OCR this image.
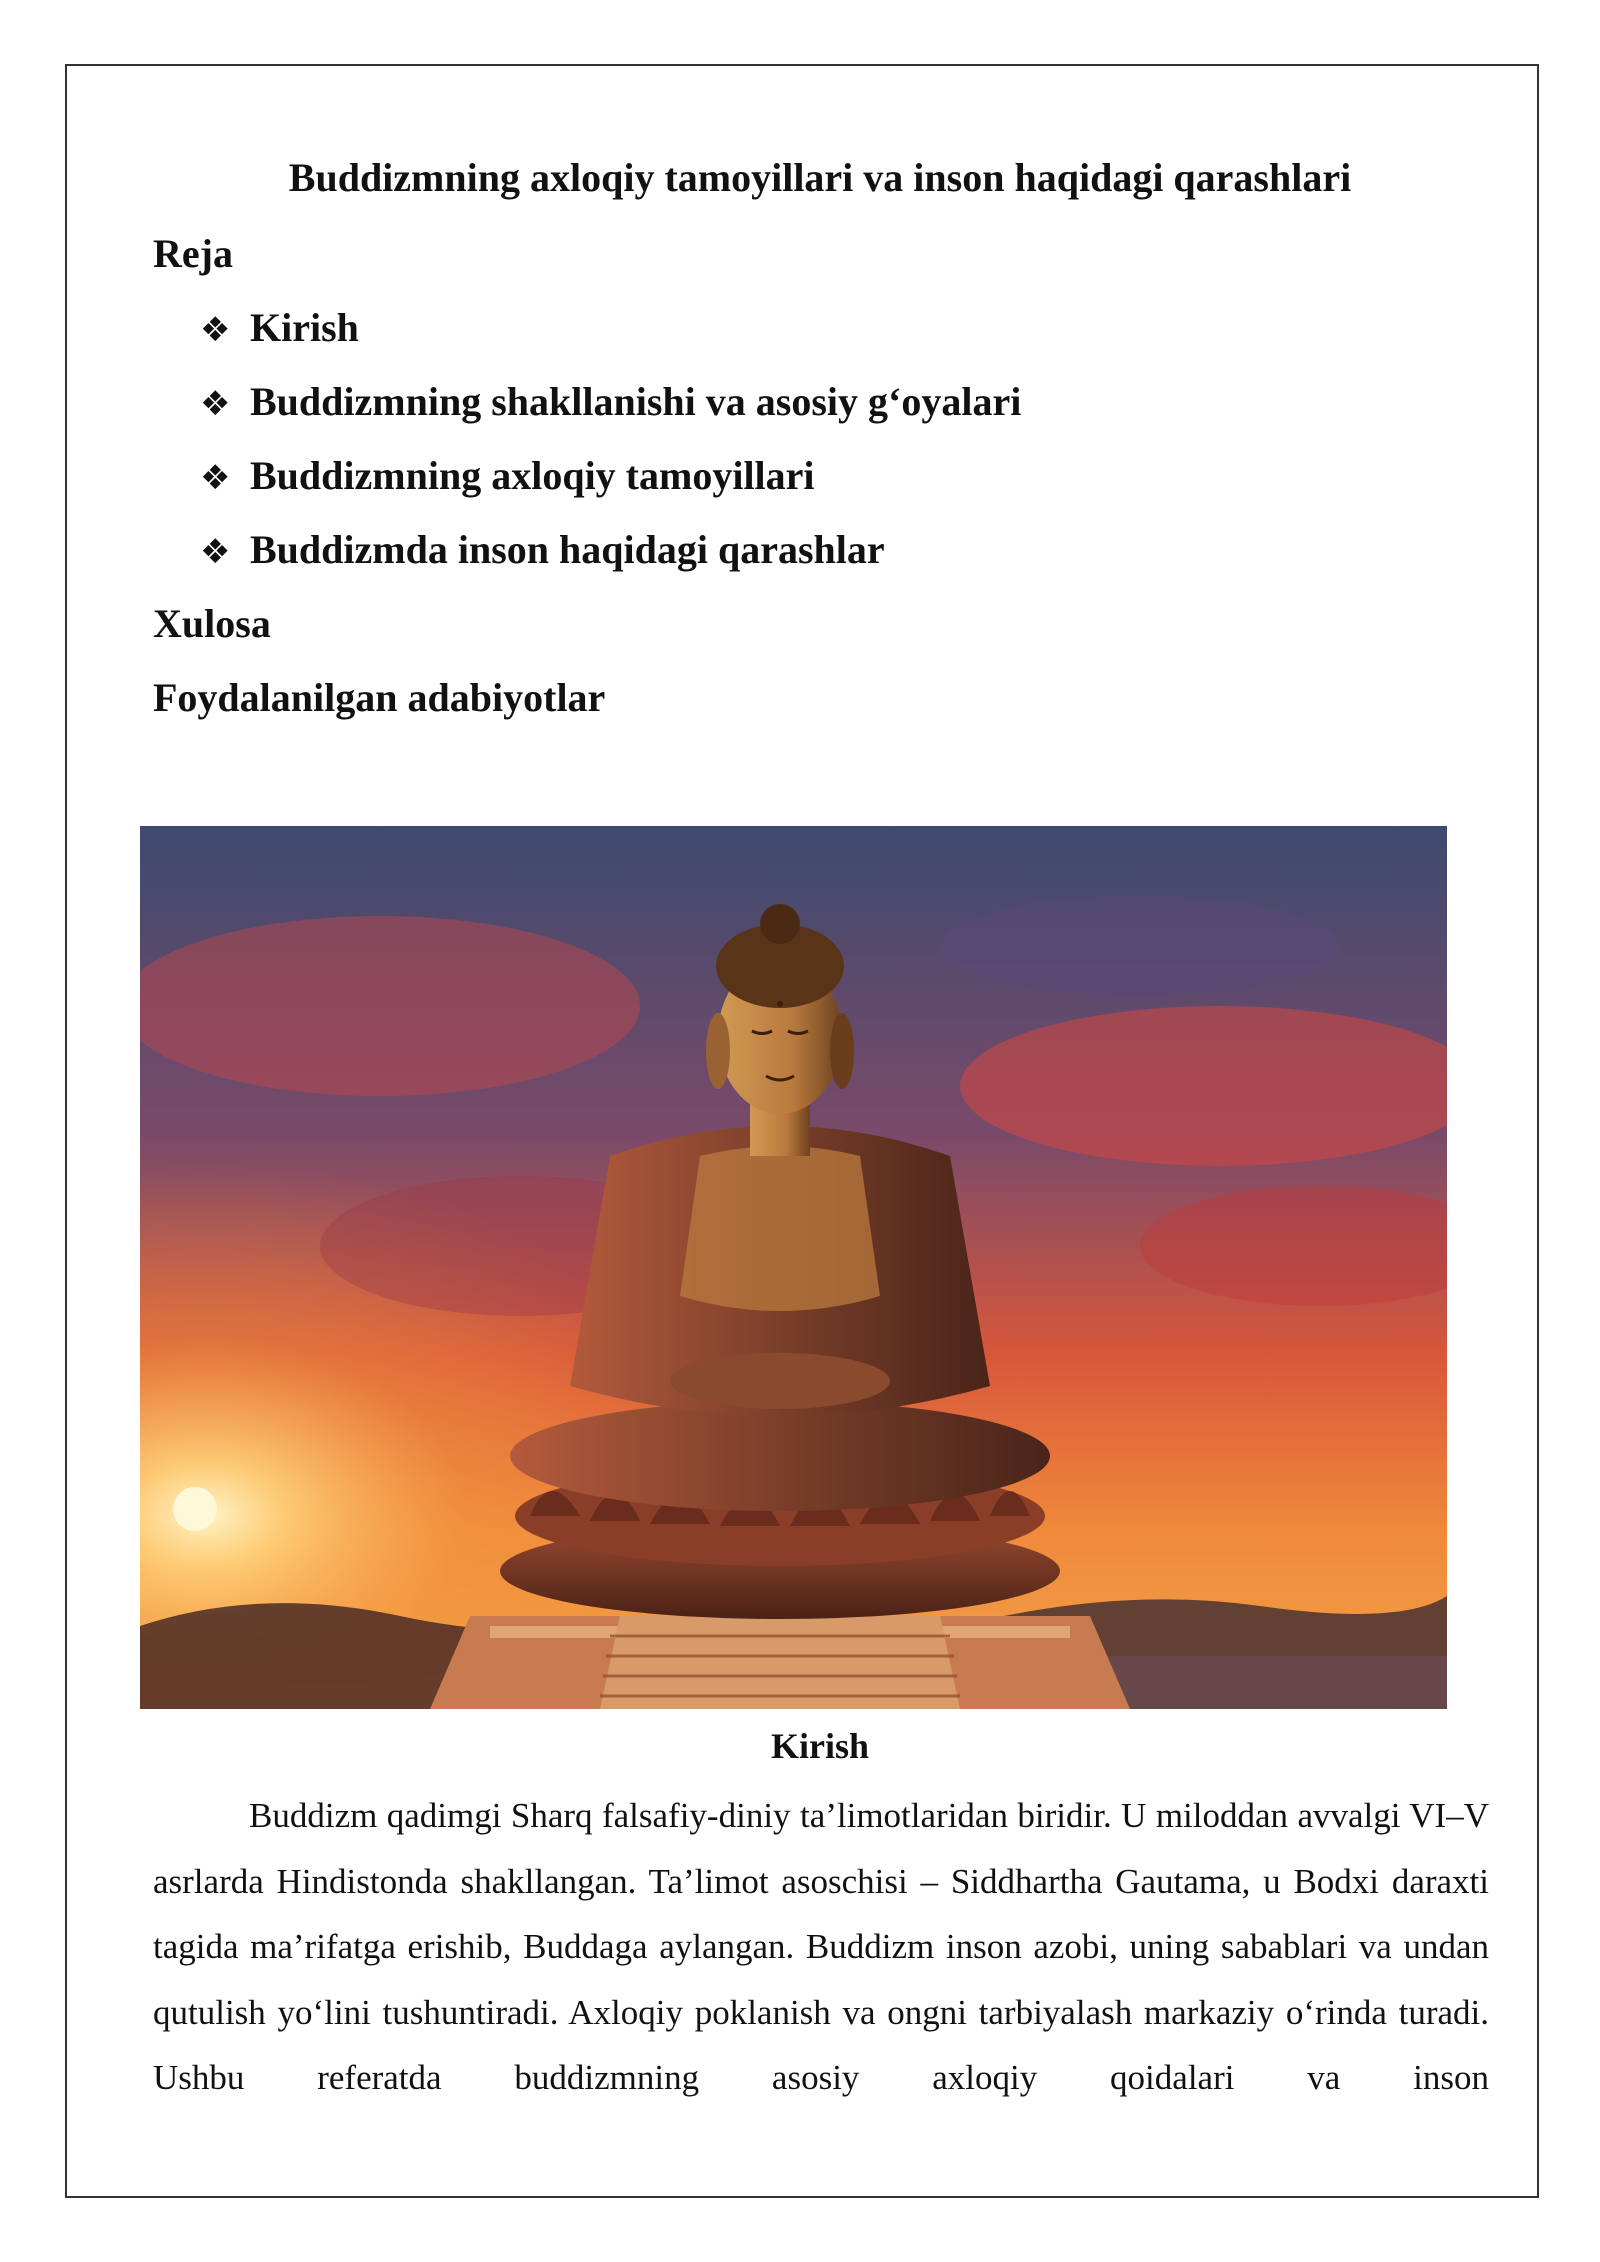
Buddizmning axloqiy tamoyillari va inson haqidagi qarashlari
Reja
❖ Kirish
❖ Buddizmning shakllanishi va asosiy g‘oyalari
❖ Buddizmning axloqiy tamoyillari
❖ Buddizmda inson haqidagi qarashlar
Xulosa
Foydalanilgan adabiyotlar
Kirish
Buddizm qadimgi Sharq falsafiy-diniy ta’limotlaridan biridir. U miloddan avvalgi VI–V asrlarda Hindistonda shakllangan. Ta’limot asoschisi – Siddhartha Gautama, u Bodxi daraxti tagida ma’rifatga erishib, Buddaga aylangan. Buddizm inson azobi, uning sabablari va undan qutulish yo‘lini tushuntiradi. Axloqiy poklanish va ongni tarbiyalash markaziy o‘rinda turadi. Ushbu referatda buddizmning asosiy axloqiy qoidalari va inson
